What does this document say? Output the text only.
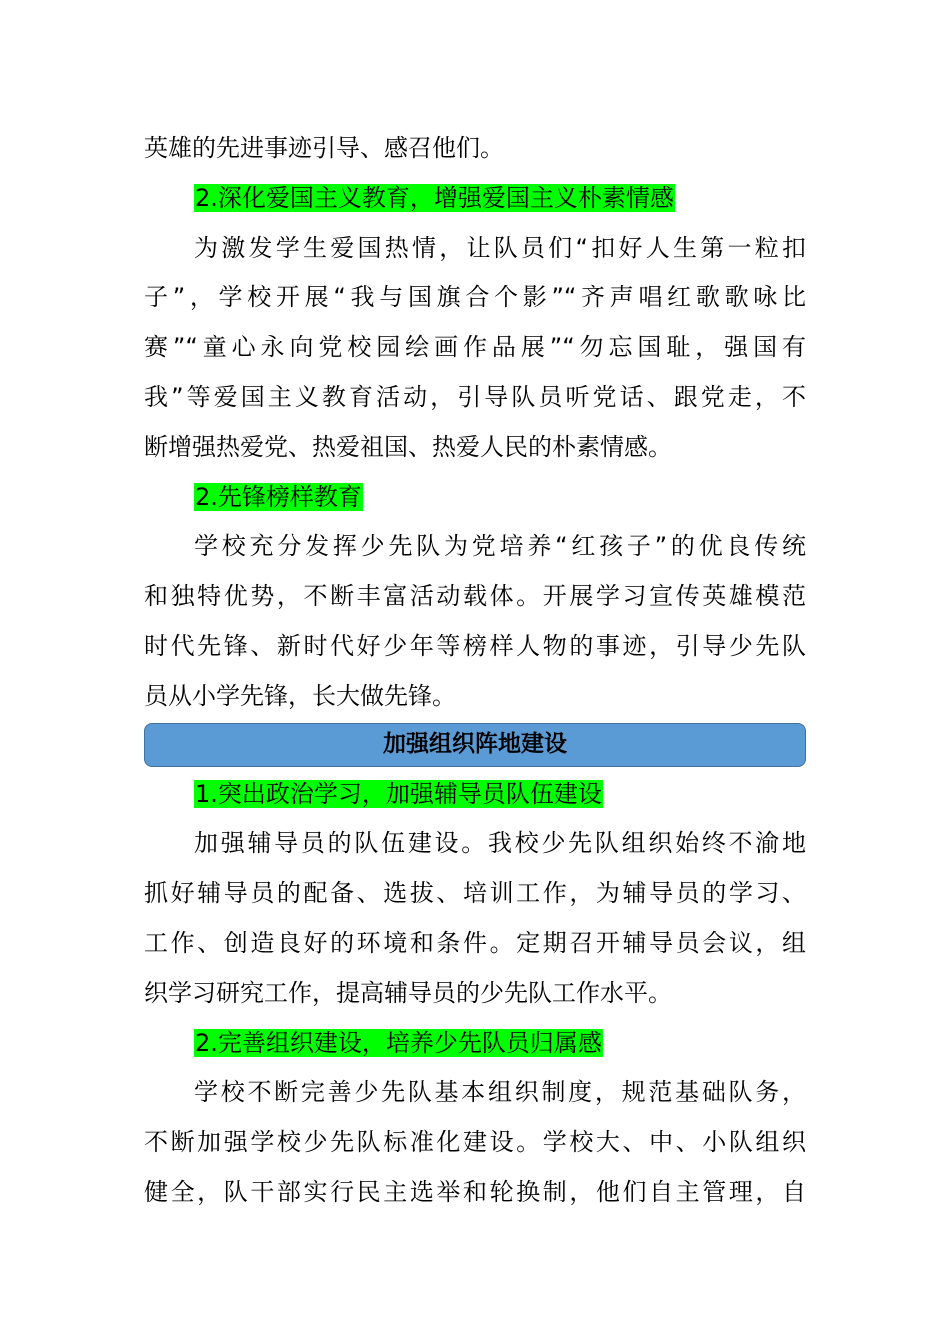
英雄的先进事迹引导、感召他们。
2.深化爱国主义教育，增强爱国主义朴素情感
为激发学生爱国热情，让队员们“扣好人生第一粒扣
子”，学校开展“我与国旗合个影”“齐声唱红歌歌咏比
赛”“童心永向党校园绘画作品展”“勿忘国耻，强国有
我”等爱国主义教育活动，引导队员听党话、跟党走，不
断增强热爱党、热爱祖国、热爱人民的朴素情感。
2.先锋榜样教育
学校充分发挥少先队为党培养“红孩子”的优良传统
和独特优势，不断丰富活动载体。开展学习宣传英雄模范
时代先锋、新时代好少年等榜样人物的事迹，引导少先队
员从小学先锋，长大做先锋。
加强组织阵地建设
1.突出政治学习，加强辅导员队伍建设
加强辅导员的队伍建设。我校少先队组织始终不渝地
抓好辅导员的配备、选拔、培训工作，为辅导员的学习、
工作、创造良好的环境和条件。定期召开辅导员会议，组
织学习研究工作，提高辅导员的少先队工作水平。
2.完善组织建设，培养少先队员归属感
学校不断完善少先队基本组织制度，规范基础队务，
不断加强学校少先队标准化建设。学校大、中、小队组织
健全，队干部实行民主选举和轮换制，他们自主管理，自
